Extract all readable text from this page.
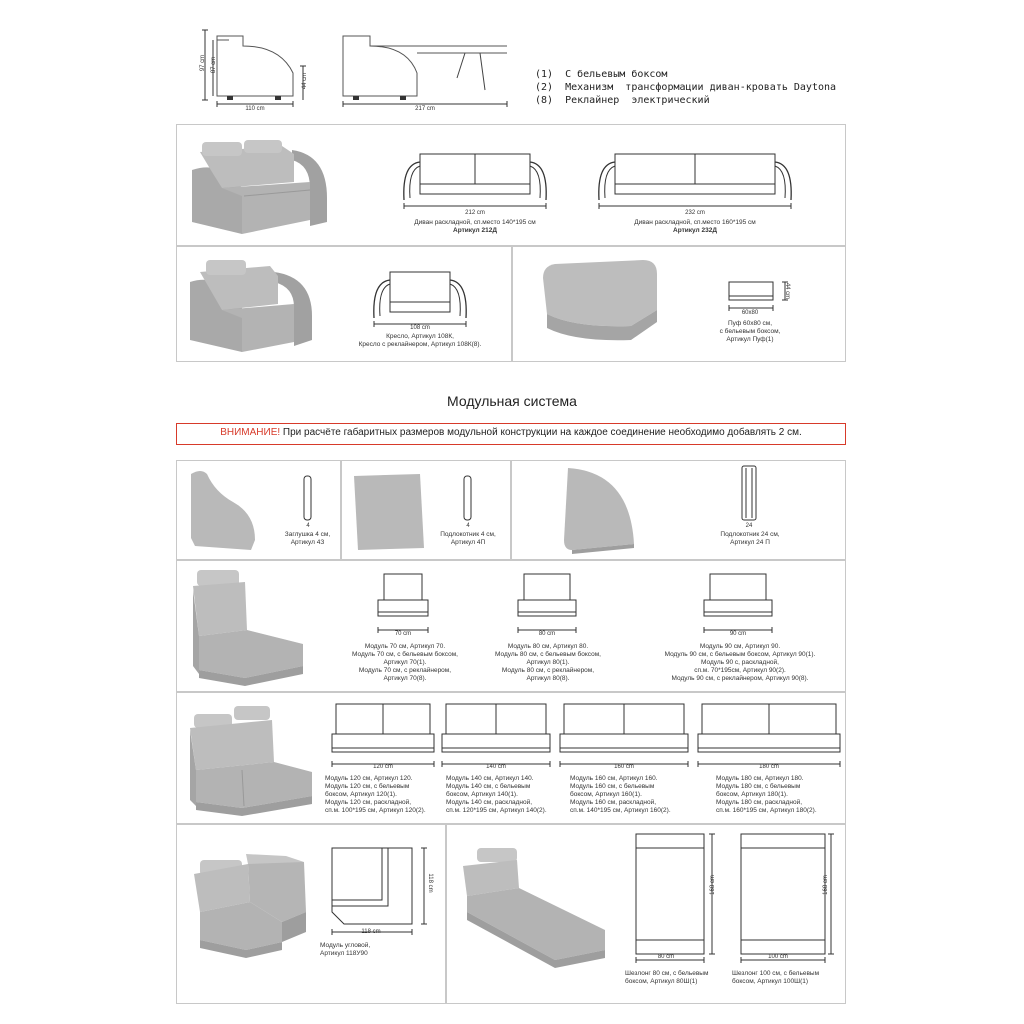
97 cm 87 cm
44 cm
110 cm	217 cm
(1)  С бельевым боксом
(2)  Механизм  трансформации диван-кровать Daytona
(8)  Реклайнер  электрический
212 cm
Диван раскладной, сп.место 140*195 см
Артикул 212Д
232 cm
Диван раскладной, сп.место 160*195 см
Артикул 232Д
108 cm
Кресло, Артикул 108К,
Кресло с реклайнером, Артикул 108К(8).
60x80
44 cm
Пуф 60x80 см,
с бельевым боксом,
Артикул Пуф(1)
Модульная система
ВНИМАНИЕ! При расчёте габаритных размеров модульной конструкции на каждое соединение необходимо добавлять 2 см.
4
Заглушка 4 см,
Артикул 4З
4
Подлокотник 4 см,
Артикул 4П
24
Подлокотник 24 см,
Артикул 24 П
70 cm
Модуль 70 см, Артикул 70.
Модуль 70 см, с бельевым боксом,
Артикул 70(1).
Модуль 70 см, с реклайнером,
Артикул 70(8).
80 cm
Модуль 80 см, Артикул 80.
Модуль 80 см, с бельевым боксом,
Артикул 80(1).
Модуль 80 см, с реклайнером,
Артикул 80(8).
90 cm
Модуль 90 см, Артикул 90.
Модуль 90 см, с бельевым боксом, Артикул 90(1).
Модуль 90 с, раскладной,
сп.м. 70*195см, Артикул 90(2).
Модуль 90 см, с реклайнером, Артикул 90(8).
120 cm
Модуль 120 см, Артикул 120.
Модуль 120 см, с бельевым
боксом, Артикул 120(1).
Модуль 120 см, раскладной,
сп.м. 100*195 см, Артикул 120(2).
140 cm
Модуль 140 см, Артикул 140.
Модуль 140 см, с бельевым
боксом, Артикул 140(1).
Модуль 140 см, раскладной,
сп.м. 120*195 см, Артикул 140(2).
160 cm
Модуль 160 см, Артикул 160.
Модуль 160 см, с бельевым
боксом, Артикул 160(1).
Модуль 160 см, раскладной,
сп.м. 140*195 см, Артикул 160(2).
180 cm
Модуль 180 см, Артикул 180.
Модуль 180 см, с бельевым
боксом, Артикул 180(1).
Модуль 180 см, раскладной,
сп.м. 160*195 см, Артикул 180(2).
118 cm
118 cm
Модуль угловой,
Артикул 118У90	80 cm
168 cm
Шезлонг 80 см, с бельевым
боксом, Артикул 80Ш(1)
100 cm
168 cm
Шезлонг 100 см, с бельевым
боксом, Артикул 100Ш(1)
